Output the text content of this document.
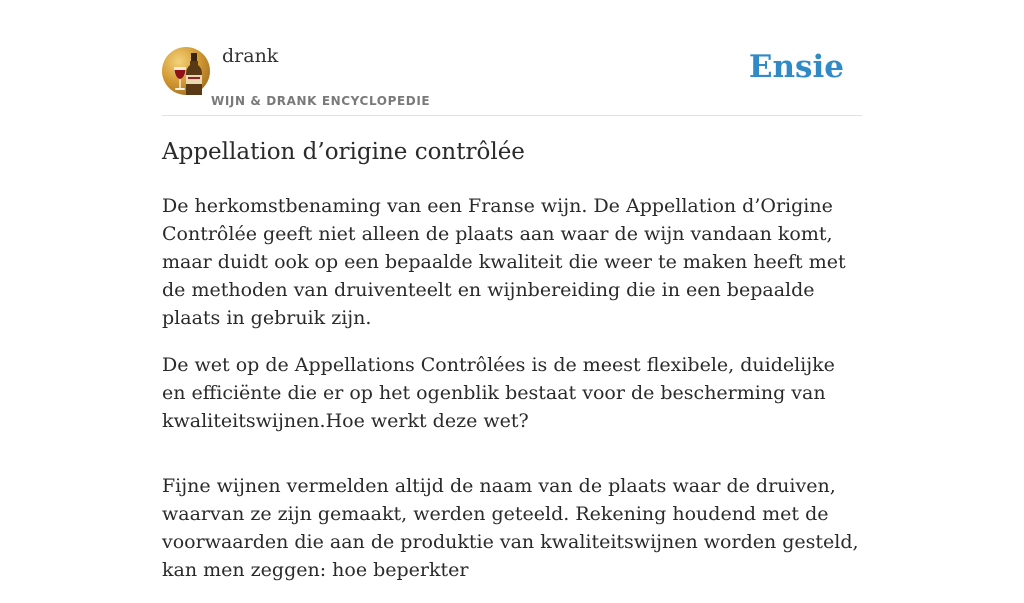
drank
WIJN & DRANK ENCYCLOPEDIE
Ensie
Appellation d’origine contrôlée

De herkomstbenaming van een Franse wijn. De Appellation d’Origine Contrôlée geeft niet alleen de plaats aan waar de wijn vandaan komt, maar duidt ook op een bepaalde kwaliteit die weer te maken heeft met de methoden van druiventeelt en wijnbereiding die in een bepaalde plaats in gebruik zijn.

De wet op de Appellations Contrôlées is de meest flexibele, duidelijke en efficiënte die er op het ogenblik bestaat voor de bescherming van kwaliteitswijnen.Hoe werkt deze wet?

Fijne wijnen vermelden altijd de naam van de plaats waar de druiven, waarvan ze zijn gemaakt, werden geteeld. Rekening houdend met de voorwaarden die aan de produktie van kwaliteitswijnen worden gesteld, kan men zeggen: hoe beperkter
